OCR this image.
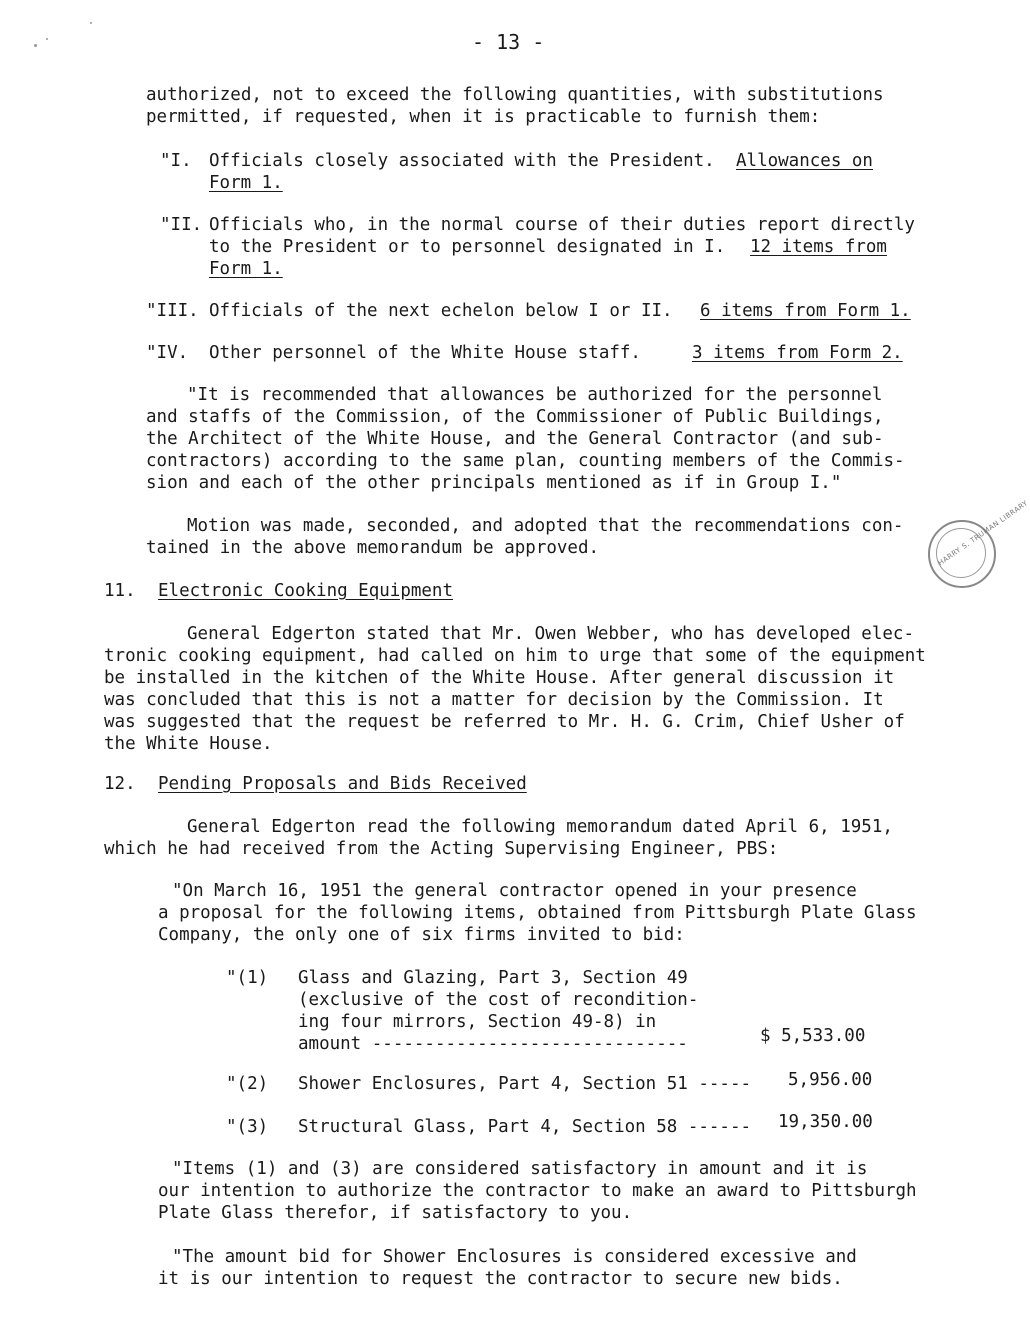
- 13 -
authorized, not to exceed the following quantities, with substitutions
permitted, if requested, when it is practicable to furnish them:
"I. Officials closely associated with the President.	Allowances on Form 1.
"II. Officials who, in the normal course of their duties report directly
to the President or to personnel designated in I.	12 items from Form 1.
"III. Officials of the next echelon below I or II. 6 items from Form 1.
"IV. Other personnel of the White House staff.	3 items from Form 2.
"It is recommended that allowances be authorized for the personnel
and staffs of the Commission, of the Commissioner of Public Buildings,
the Architect of the White House, and the General Contractor (and sub-
contractors) according to the same plan, counting members of the Commis-
sion and each of the other principals mentioned as if in Group I."
Motion was made, seconded, and adopted that the recommendations con-
tained in the above memorandum be approved.	HARRY S. TRUMAN LIBRARY
11. Electronic Cooking Equipment
General Edgerton stated that Mr. Owen Webber, who has developed elec-
tronic cooking equipment, had called on him to urge that some of the equipment
be installed in the kitchen of the White House. After general discussion it
was concluded that this is not a matter for decision by the Commission. It
was suggested that the request be referred to Mr. H. G. Crim, Chief Usher of
the White House.
12. Pending Proposals and Bids Received
General Edgerton read the following memorandum dated April 6, 1951,
which he had received from the Acting Supervising Engineer, PBS:
"On March 16, 1951 the general contractor opened in your presence
a proposal for the following items, obtained from Pittsburgh Plate Glass
Company, the only one of six firms invited to bid:
"(1) Glass and Glazing, Part 3, Section 49
(exclusive of the cost of recondition-
ing four mirrors, Section 49-8) in
amount ------------------------------	$ 5,533.00
"(2) Shower Enclosures, Part 4, Section 51 ----- 5,956.00
"(3) Structural Glass, Part 4, Section 58 ------ 19,350.00
"Items (1) and (3) are considered satisfactory in amount and it is
our intention to authorize the contractor to make an award to Pittsburgh
Plate Glass therefor, if satisfactory to you.
"The amount bid for Shower Enclosures is considered excessive and
it is our intention to request the contractor to secure new bids.
